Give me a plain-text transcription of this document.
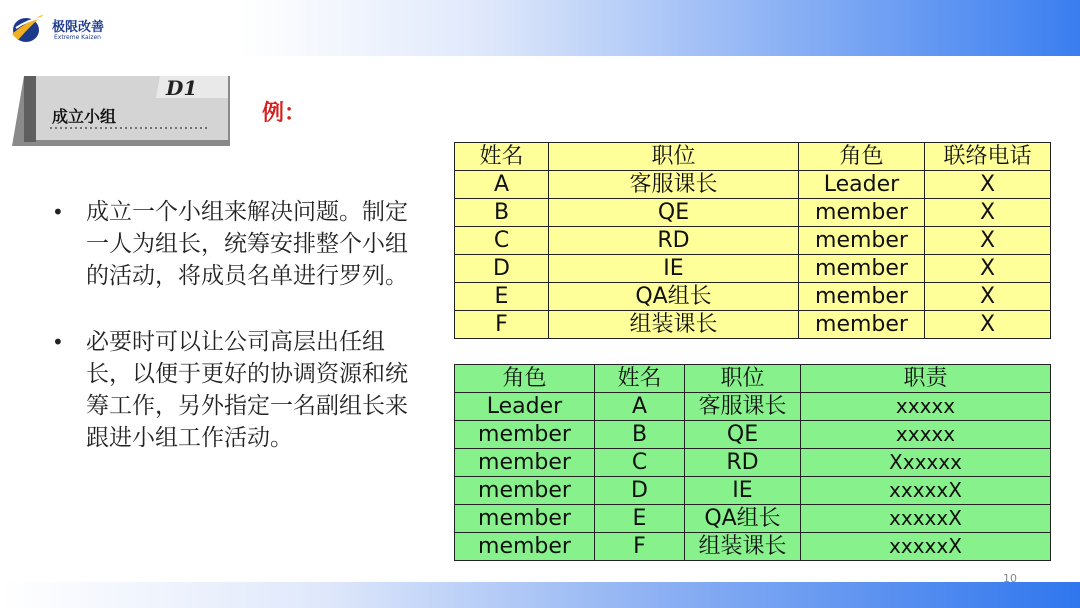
极限改善
Extreme Kaizen
D1
成立小组	例：
• 成立一个小组来解决问题。制定一人为组长，统筹安排整个小组的活动，将成员名单进行罗列。
• 必要时可以让公司高层出任组长，以便于更好的协调资源和统筹工作，另外指定一名副组长来跟进小组工作活动。
姓名	职位	角色	联络电话
A	客服课长	Leader	X
B	QE	member	X
C	RD	member	X
D	IE	member	X
E	QA组长	member	X
F	组装课长	member	X
角色	姓名	职位	职责
Leader	A	客服课长	xxxxx
member	B	QE	xxxxx
member	C	RD	Xxxxxx
member	D	IE	xxxxxX
member	E	QA组长	xxxxxX
member	F	组装课长	xxxxxX
10
